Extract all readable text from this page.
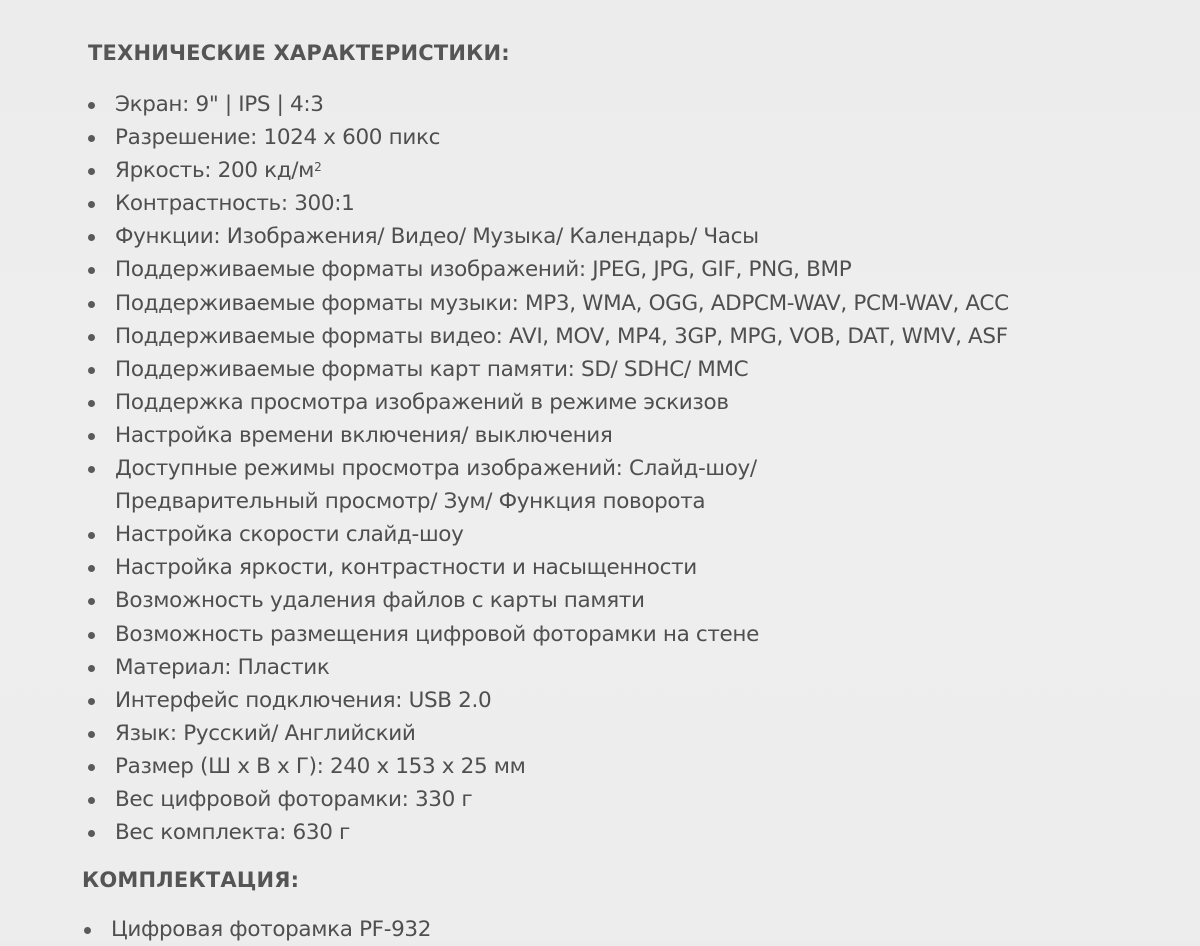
ТЕХНИЧЕСКИЕ ХАРАКТЕРИСТИКИ:
Экран: 9" | IPS | 4:3
Разрешение: 1024 x 600 пикс
Яркость: 200 $кд/м^2$
Контрастность: 300:1
Функции: Изображения/ Видео/ Музыка/ Календарь/ Часы
Поддерживаемые форматы изображений: JPEG, JPG, GIF, PNG, BMP
Поддерживаемые форматы музыки: MP3, WMA, OGG, ADPCM-WAV, PCM-WAV, ACC
Поддерживаемые форматы видео: AVI, MOV, MP4, 3GP, MPG, VOB, DAT, WMV, ASF
Поддерживаемые форматы карт памяти: SD/ SDHC/ MMC
Поддержка просмотра изображений в режиме эскизов
Настройка времени включения/ выключения
Доступные режимы просмотра изображений: Слайд-шоу/
Предварительный просмотр/ Зум/ Функция поворота
Настройка скорости слайд-шоу
Настройка яркости, контрастности и насыщенности
Возможность удаления файлов с карты памяти
Возможность размещения цифровой фоторамки на стене
Материал: Пластик
Интерфейс подключения: USB 2.0
Язык: Русский/ Английский
Размер (Ш x В x Г): 240 x 153 x 25 мм
Вес цифровой фоторамки: 330 г
Вес комплекта: 630 г
КОМПЛЕКТАЦИЯ:
Цифровая фоторамка PF-932
